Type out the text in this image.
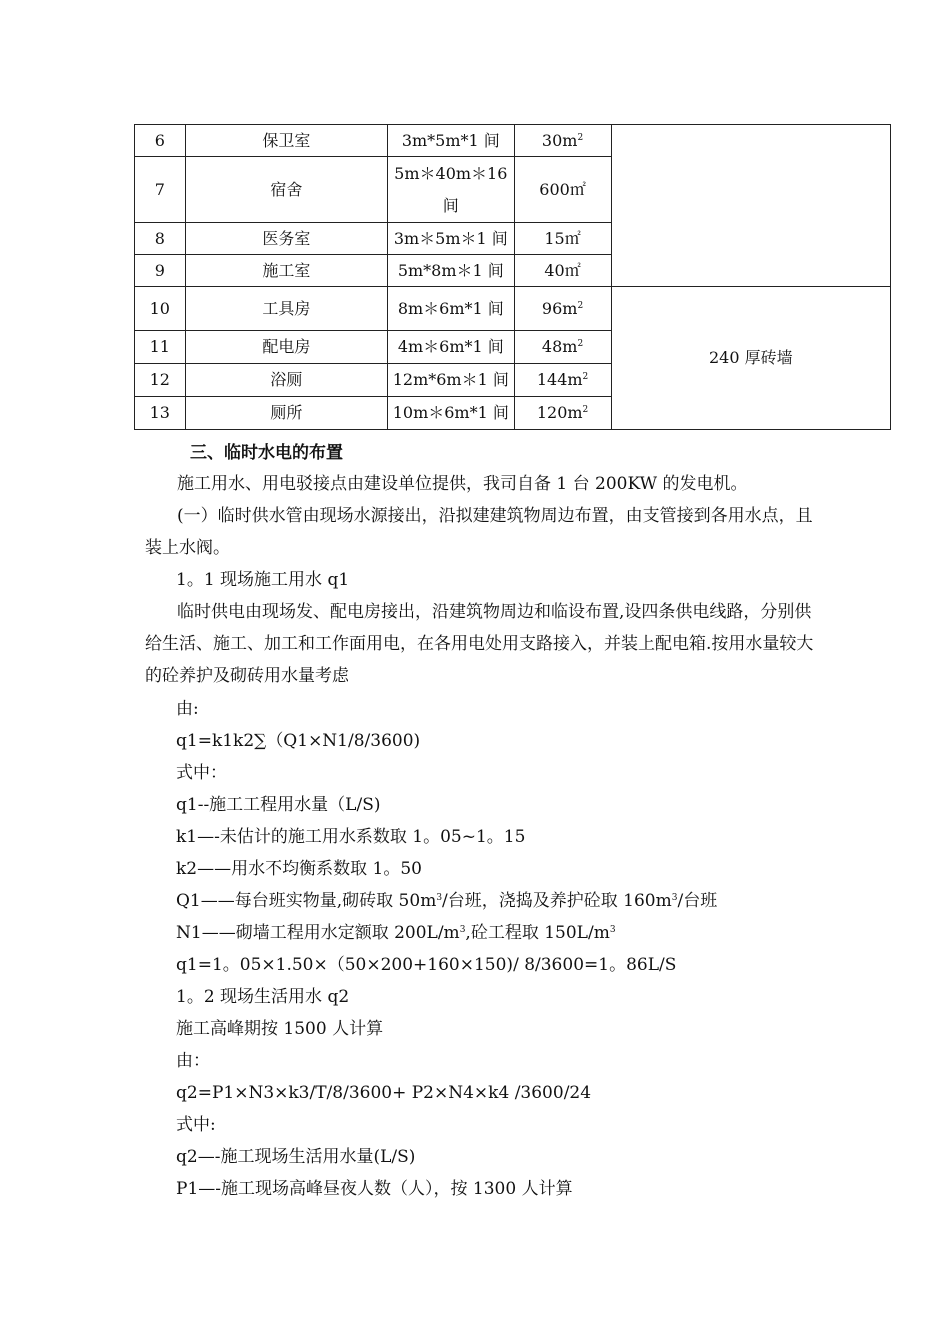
6	保卫室	3m*5m*1 间	$30m^2$	
7	宿舍	5m＊40m＊16 间	600㎡	
8	医务室	3m＊5m＊1 间	15㎡	
9	施工室	5m*8m＊1 间	40㎡	
10	工具房	8m＊6m*1 间	$96m^2$	240 厚砖墙
11	配电房	4m＊6m*1 间	$48m^2$
12	浴厕	12m*6m＊1 间	$144m^2$
13	厕所	10m＊6m*1 间	$120m^2$
三、临时水电的布置

施工用水、用电驳接点由建设单位提供，我司自备 1 台 200KW 的发电机。

(一）临时供水管由现场水源接出，沿拟建建筑物周边布置，由支管接到各用水点，且装上水阀。

1。1 现场施工用水 q1

临时供电由现场发、配电房接出，沿建筑物周边和临设布置,设四条供电线路，分别供给生活、施工、加工和工作面用电，在各用电处用支路接入，并装上配电箱.按用水量较大的砼养护及砌砖用水量考虑

由:
q1=k1k2∑（Q1×N1/8/3600)
式中：
q1--施工工程用水量（L/S)
k1—-未估计的施工用水系数取 1。05~1。15
k2——用水不均衡系数取 1。50
Q1——每台班实物量,砌砖取 $50m^3/$台班，浇捣及养护砼取 $160m^3/$台班
N1——砌墙工程用水定额取 $200L/m^3$,砼工程取 $150L/m^3$
q1=1。05×1.50×（50×200+160×150)/ 8/3600=1。86L/S
1。2 现场生活用水 q2
施工高峰期按 1500 人计算
由：
q2=P1×N3×k3/T/8/3600+ P2×N4×k4 /3600/24
式中:
q2—-施工现场生活用水量(L/S)
P1—-施工现场高峰昼夜人数（人），按 1300 人计算
